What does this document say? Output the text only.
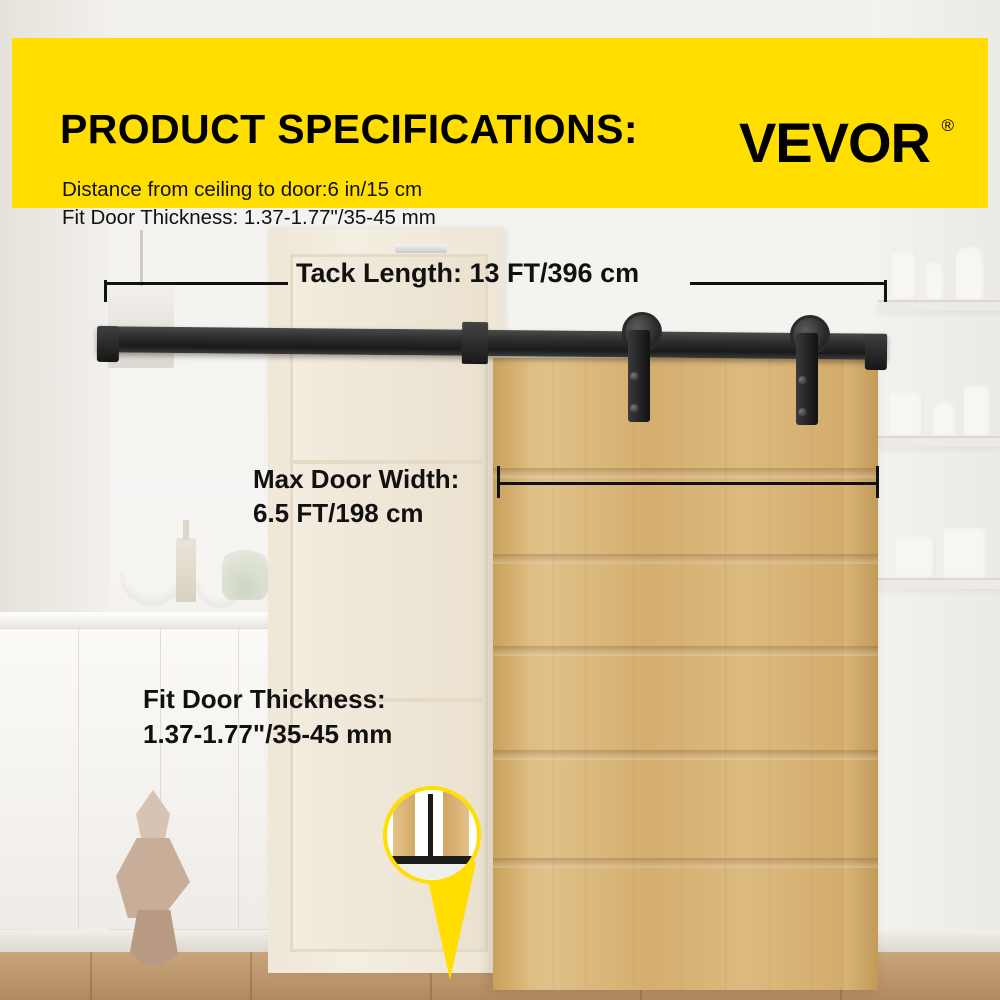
PRODUCT SPECIFICATIONS:
Distance from ceiling to door:6 in/15 cm
Fit Door Thickness: 1.37-1.77"/35-45 mm
VEVOR ®
Tack Length: 13 FT/396 cm
Max Door Width:
6.5 FT/198 cm
Fit Door Thickness:
1.37-1.77"/35-45 mm
